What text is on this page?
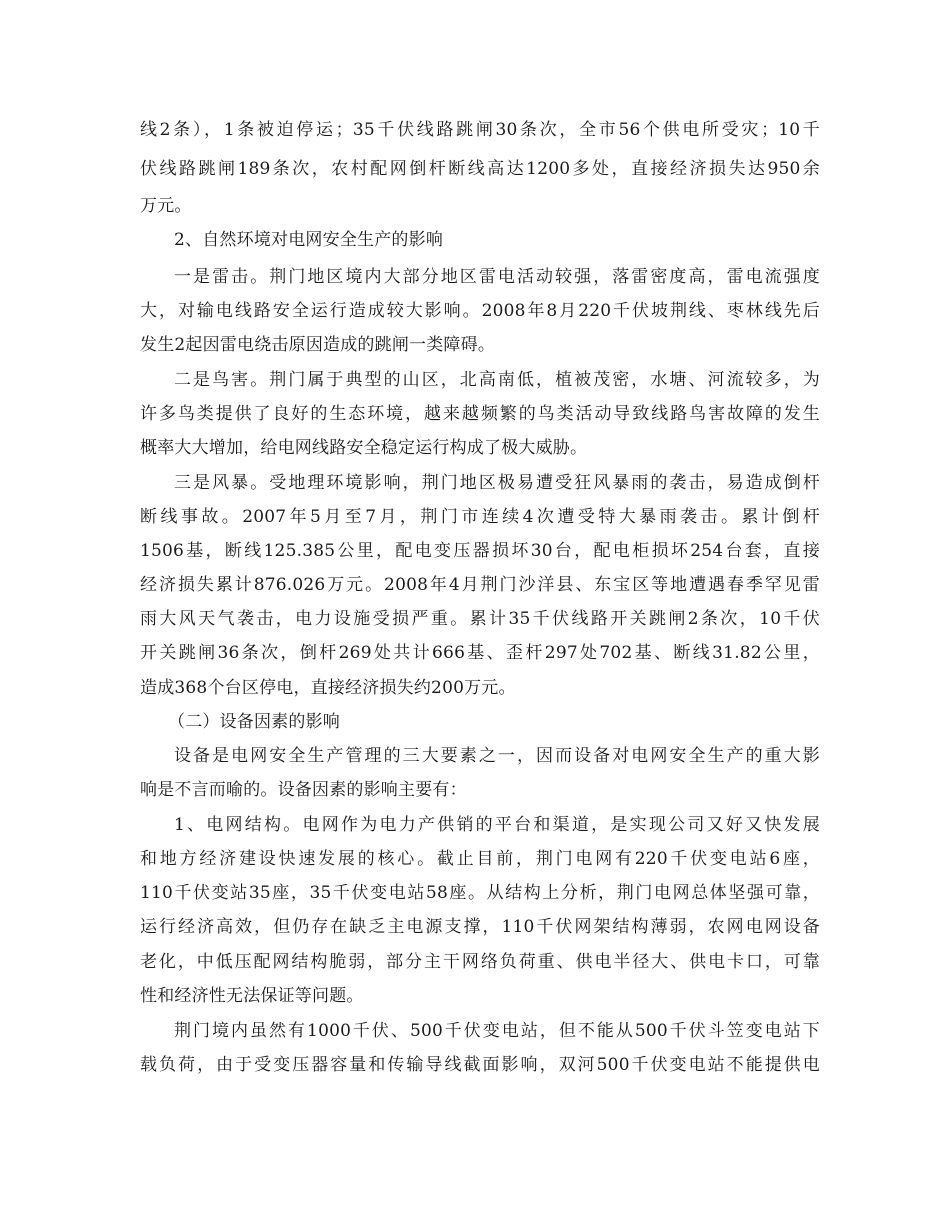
线2条），1条被迫停运；35千伏线路跳闸30条次，全市56个供电所受灾；10千
伏线路跳闸189条次，农村配网倒杆断线高达1200多处，直接经济损失达950余
万元。
2、自然环境对电网安全生产的影响
一是雷击。荆门地区境内大部分地区雷电活动较强，落雷密度高，雷电流强度
大，对输电线路安全运行造成较大影响。2008年8月220千伏坡荆线、枣林线先后
发生2起因雷电绕击原因造成的跳闸一类障碍。
二是鸟害。荆门属于典型的山区，北高南低，植被茂密，水塘、河流较多，为
许多鸟类提供了良好的生态环境，越来越频繁的鸟类活动导致线路鸟害故障的发生
概率大大增加，给电网线路安全稳定运行构成了极大威胁。
三是风暴。受地理环境影响，荆门地区极易遭受狂风暴雨的袭击，易造成倒杆
断线事故。2007年5月至7月，荆门市连续4次遭受特大暴雨袭击。累计倒杆
1506基，断线125.385公里，配电变压器损坏30台，配电柜损坏254台套，直接
经济损失累计876.026万元。2008年4月荆门沙洋县、东宝区等地遭遇春季罕见雷
雨大风天气袭击，电力设施受损严重。累计35千伏线路开关跳闸2条次，10千伏
开关跳闸36条次，倒杆269处共计666基、歪杆297处702基、断线31.82公里，
造成368个台区停电，直接经济损失约200万元。
（二）设备因素的影响
设备是电网安全生产管理的三大要素之一，因而设备对电网安全生产的重大影
响是不言而喻的。设备因素的影响主要有：
1、电网结构。电网作为电力产供销的平台和渠道，是实现公司又好又快发展
和地方经济建设快速发展的核心。截止目前，荆门电网有220千伏变电站6座，
110千伏变站35座，35千伏变电站58座。从结构上分析，荆门电网总体坚强可靠，
运行经济高效，但仍存在缺乏主电源支撑，110千伏网架结构薄弱，农网电网设备
老化，中低压配网结构脆弱，部分主干网络负荷重、供电半径大、供电卡口，可靠
性和经济性无法保证等问题。
荆门境内虽然有1000千伏、500千伏变电站，但不能从500千伏斗笠变电站下
载负荷，由于受变压器容量和传输导线截面影响，双河500千伏变电站不能提供电
